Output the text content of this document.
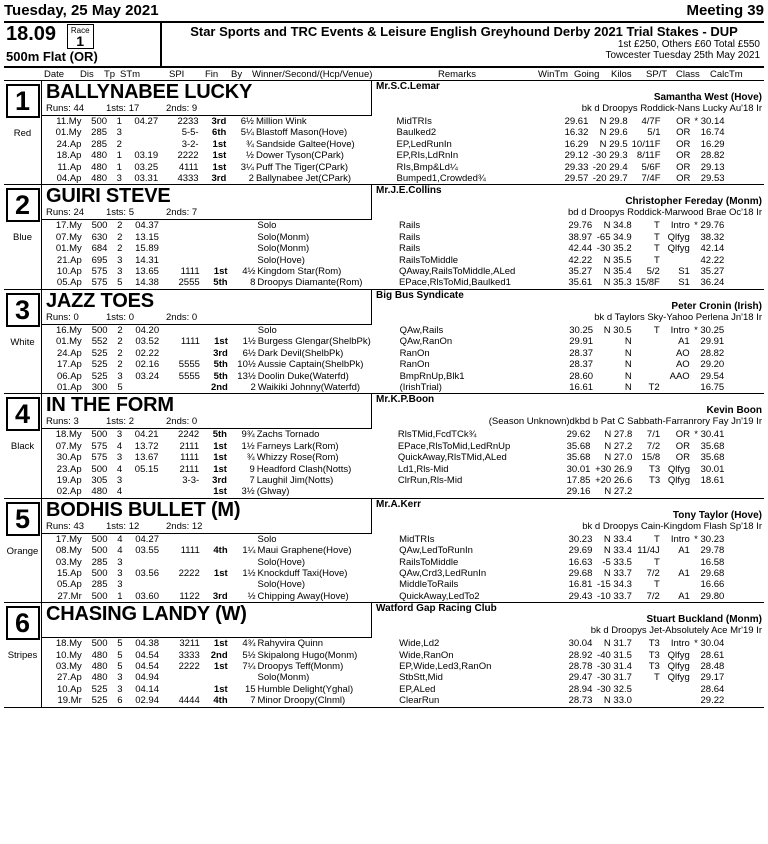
Tuesday, 25 May 2021	Meeting 39
18.09 Race
1
500m Flat (OR)
Star Sports and TRC Events & Leisure English Greyhound Derby 2021 Trial Stakes - DUP
1st £250, Others £60 Total £550
Towcester Tuesday 25th May 2021
Date Dis Tp STm	SPI Fin By Winner/Second/(Hcp/Venue)	Remarks	WinTm Going Kilos SP/T Class CalcTm
1
Red
BALLYNABEE LUCKY
Runs: 44 1sts: 17	2nds: 9
Mr.S.C.Lemar
Samantha West (Hove)
bk d Droopys Roddick-Nans Lucky Au'18 Ir
11.My	500	1	04.27	2233	3rd	6½	Million Wink	MidTRIs	29.61	N 29.8	4/7F	OR	* 30.14	
01.My	285	3		5-5-	6th	5¼	Blastoff Mason(Hove)	Baulked2	16.32	N 29.6	5/1	OR	16.74	
24.Ap	285	2		3-2-	1st	¾	Sandside Galtee(Hove)	EP,LedRunIn	16.29	N 29.5	10/11F	OR	16.29	
18.Ap	480	1	03.19	2222	1st	½	Dower Tyson(CPark)	EP,RIs,LdRnIn	29.12	-30 29.3	8/11F	OR	28.82	
11.Ap	480	1	03.25	4111	1st	3¼	Puff The Tiger(CPark)	RIs,Bmp&Ld¼	29.33	-20 29.4	5/6F	OR	29.13	
04.Ap	480	3	03.31	4333	3rd	2	Ballynabee Jet(CPark)	Bumped1,Crowded¾	29.57	-20 29.7	7/4F	OR	29.53	
2
Blue
GUIRI STEVE
Runs: 24 1sts: 5	2nds: 7
Mr.J.E.Collins
Christopher Fereday (Monm)
bd d Droopys Roddick-Marwood Brae Oc'18 Ir
17.My	500	2	04.37				Solo	Rails	29.76	N 34.8	T	Intro	* 29.76	
07.My	630	2	13.15				Solo(Monm)	Rails	38.97	-65 34.9	T	Qlfyg	38.32	
01.My	684	2	15.89				Solo(Monm)	Rails	42.44	-30 35.2	T	Qlfyg	42.14	
21.Ap	695	3	14.31				Solo(Hove)	RailsToMiddle	42.22	N 35.5	T		42.22	
10.Ap	575	3	13.65	1111	1st	4½	Kingdom Star(Rom)	QAway,RailsToMiddle,ALed	35.27	N 35.4	5/2	S1	35.27	
05.Ap	575	5	14.38	2555	5th	8	Droopys Diamante(Rom)	EPace,RlsToMid,Baulked1	35.61	N 35.3	15/8F	S1	36.24	
3
White
JAZZ TOES
Runs: 0	1sts: 0	2nds: 0
Big Bus Syndicate
Peter Cronin (Irish)
bk d Taylors Sky-Yahoo Perlena Jn'18 Ir
16.My	500	2	04.20				Solo	QAw,Rails	30.25	N 30.5	T	Intro	* 30.25	
01.My	552	2	03.52	1111	1st	1½	Burgess Glengar(ShelbPk)	QAw,RanOn	29.91	N		A1	29.91	
24.Ap	525	2	02.22		3rd	6½	Dark Devil(ShelbPk)	RanOn	28.37	N		AO	28.82	
17.Ap	525	2	02.16	5555	5th	10½	Aussie Captain(ShelbPk)	RanOn	28.37	N		AO	29.20	
06.Ap	525	3	03.24	5555	5th	13½	Doolin Duke(Waterfd)	BmpRnUp,Blk1	28.60	N		AAO	29.54	
01.Ap	300	5			2nd	2	Waikiki Johnny(Waterfd)	(IrishTrial)	16.61	N	T2		16.75	
4
Black
IN THE FORM
Runs: 3	1sts: 2	2nds: 0
Mr.K.P.Boon
Kevin Boon
(Season Unknown)dkbd b Pat C Sabbath-Farranrory Fay Jn'19 Ir
18.My	500	3	04.21	2242	5th	9¾	Zachs Tornado	RlsTMid,FcdTCk¾	29.62	N 27.8	7/1	OR	* 30.41	
07.My	575	4	13.72	2111	1st	1½	Farneys Lark(Rom)	EPace,RlsToMid,LedRnUp	35.68	N 27.2	7/2	OR	35.68	
30.Ap	575	3	13.67	1111	1st	¾	Whizzy Rose(Rom)	QuickAway,RlsTMid,ALed	35.68	N 27.0	15/8	OR	35.68	
23.Ap	500	4	05.15	2111	1st	9	Headford Clash(Notts)	Ld1,Rls-Mid	30.01	+30 26.9	T3	Qlfyg	30.01	
19.Ap	305	3		3-3-	3rd	7	Laughil Jim(Notts)	ClrRun,Rls-Mid	17.85	+20 26.6	T3	Qlfyg	18.61	
02.Ap	480	4			1st	3½	(Glway)		29.16	N 27.2				
5
Orange
BODHIS BULLET (M)
Runs: 43 1sts: 12	2nds: 12
Mr.A.Kerr
Tony Taylor (Hove)
bk d Droopys Cain-Kingdom Flash Sp'18 Ir
17.My	500	4	04.27				Solo	MidTRIs	30.23	N 33.4	T	Intro	* 30.23	
08.My	500	4	03.55	1111	4th	1¼	Maui Graphene(Hove)	QAw,LedToRunIn	29.69	N 33.4	11/4J	A1	29.78	
03.My	285	3					Solo(Hove)	RailsToMiddle	16.63	-5 33.5	T		16.58	
15.Ap	500	3	03.56	2222	1st	1½	Knockduff Taxi(Hove)	QAw,Crd3,LedRunIn	29.68	N 33.7	7/2	A1	29.68	
05.Ap	285	3					Solo(Hove)	MiddleToRails	16.81	-15 34.3	T		16.66	
27.Mr	500	1	03.60	1122	3rd	½	Chipping Away(Hove)	QuickAway,LedTo2	29.43	-10 33.7	7/2	A1	29.80	
6
Stripes
CHASING LANDY (W)	Watford Gap Racing Club
Stuart Buckland (Monm)
bk d Droopys Jet-Absolutely Ace Mr'19 Ir
18.My	500	5	04.38	3211	1st	4¾	Rahyvira Quinn	Wide,Ld2	30.04	N 31.7	T3	Intro	* 30.04	
10.My	480	5	04.54	3333	2nd	5½	Skipalong Hugo(Monm)	Wide,RanOn	28.92	-40 31.5	T3	Qlfyg	28.61	
03.My	480	5	04.54	2222	1st	7¼	Droopys Teff(Monm)	EP,Wide,Led3,RanOn	28.78	-30 31.4	T3	Qlfyg	28.48	
27.Ap	480	3	04.94				Solo(Monm)	StbStt,Mid	29.47	-30 31.7	T	Qlfyg	29.17	
10.Ap	525	3	04.14		1st	15	Humble Delight(Yghal)	EP,ALed	28.94	-30 32.5			28.64	
19.Mr	525	6	02.94	4444	4th	7	Minor Droopy(Clnml)	ClearRun	28.73	N 33.0			29.22	
